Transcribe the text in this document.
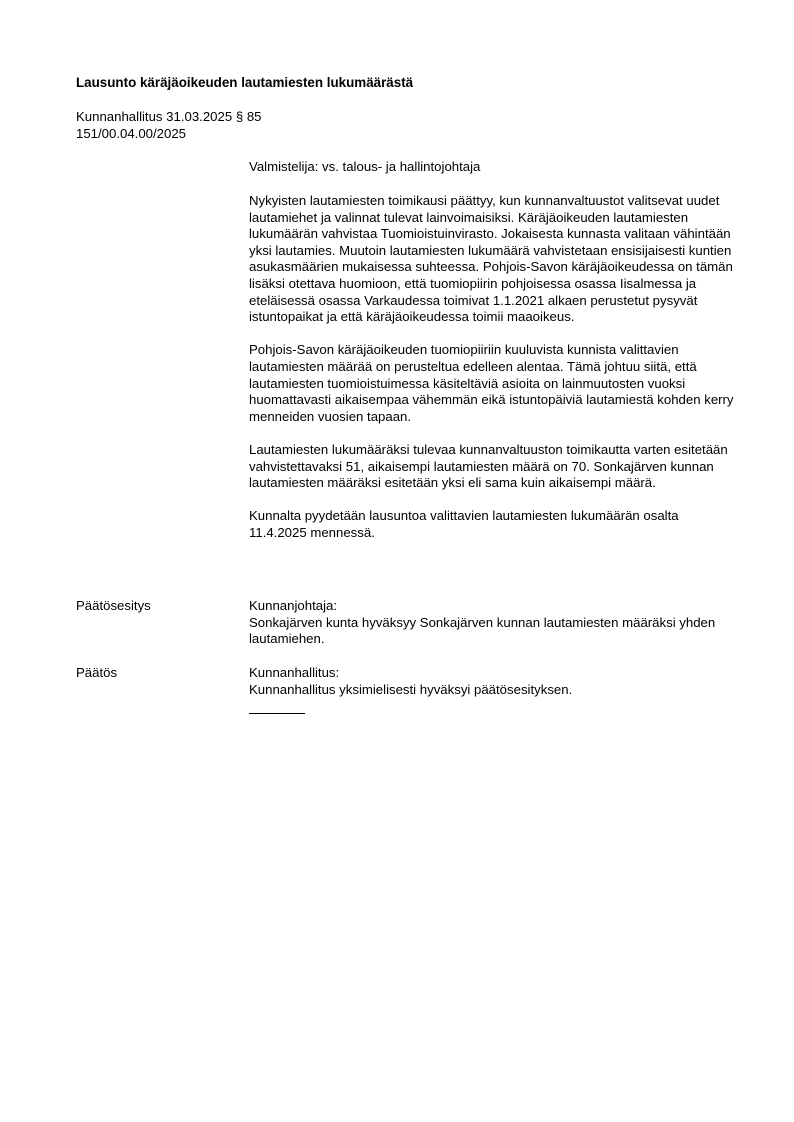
Lausunto käräjäoikeuden lautamiesten lukumäärästä
Kunnanhallitus 31.03.2025 § 85
151/00.04.00/2025
Valmistelija: vs. talous- ja hallintojohtaja

Nykyisten lautamiesten toimikausi päättyy, kun kunnanvaltuustot valitsevat uudet lautamiehet ja valinnat tulevat lainvoimaisiksi. Käräjäoikeuden lautamiesten lukumäärän vahvistaa Tuomioistuinvirasto. Jokaisesta kunnasta valitaan vähintään yksi lautamies. Muutoin lautamiesten lukumäärä vahvistetaan ensisijaisesti kuntien asukasmäärien mukaisessa suhteessa. Pohjois-Savon käräjäoikeudessa on tämän lisäksi otettava huomioon, että tuomiopiirin pohjoisessa osassa Iisalmessa ja eteläisessä osassa Varkaudessa toimivat 1.1.2021 alkaen perustetut pysyvät istuntopaikat ja että käräjäoikeudessa toimii maaoikeus.

Pohjois-Savon käräjäoikeuden tuomiopiiriin kuuluvista kunnista valittavien lautamiesten määrää on perusteltua edelleen alentaa. Tämä johtuu siitä, että lautamiesten tuomioistuimessa käsiteltäviä asioita on lainmuutosten vuoksi huomattavasti aikaisempaa vähemmän eikä istuntopäiviä lautamiestä kohden kerry menneiden vuosien tapaan.

Lautamiesten lukumääräksi tulevaa kunnanvaltuuston toimikautta varten esitetään vahvistettavaksi 51, aikaisempi lautamiesten määrä on 70. Sonkajärven kunnan lautamiesten määräksi esitetään yksi eli sama kuin aikaisempi määrä.

Kunnalta pyydetään lausuntoa valittavien lautamiesten lukumäärän osalta 11.4.2025 mennessä.

Päätösesitys	Kunnanjohtaja:

Sonkajärven kunta hyväksyy Sonkajärven kunnan lautamiesten määräksi yhden lautamiehen.

Päätös	Kunnanhallitus:

Kunnanhallitus yksimielisesti hyväksyi päätösesityksen.
